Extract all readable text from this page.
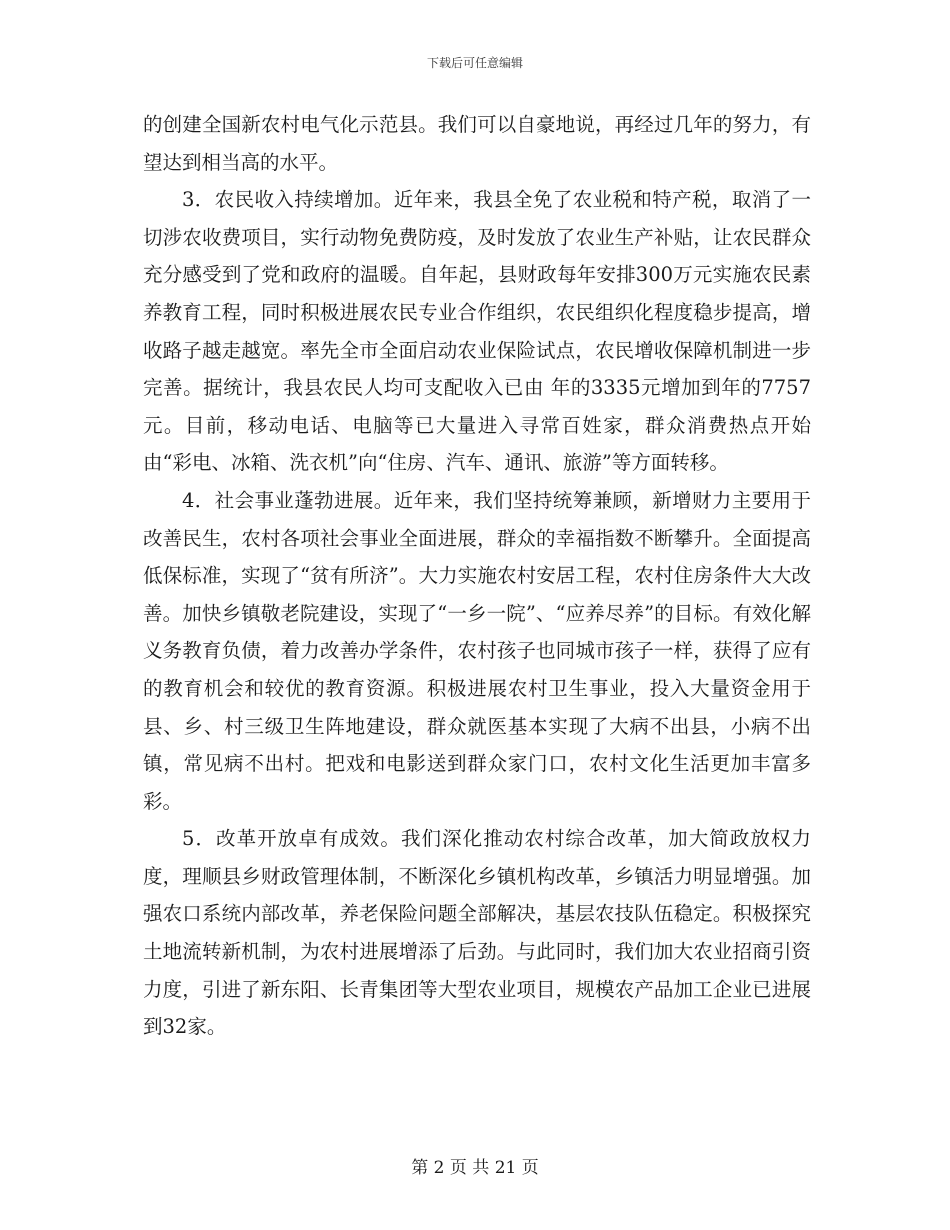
下载后可任意编辑

的创建全国新农村电气化示范县。我们可以自豪地说，再经过几年的努力，有望达到相当高的水平。

3．农民收入持续增加。近年来，我县全免了农业税和特产税，取消了一切涉农收费项目，实行动物免费防疫，及时发放了农业生产补贴，让农民群众充分感受到了党和政府的温暖。自年起，县财政每年安排300万元实施农民素养教育工程，同时积极进展农民专业合作组织，农民组织化程度稳步提高，增收路子越走越宽。率先全市全面启动农业保险试点，农民增收保障机制进一步完善。据统计，我县农民人均可支配收入已由 年的3335元增加到年的7757元。目前，移动电话、电脑等已大量进入寻常百姓家，群众消费热点开始由“彩电、冰箱、洗衣机”向“住房、汽车、通讯、旅游”等方面转移。

4．社会事业蓬勃进展。近年来，我们坚持统筹兼顾，新增财力主要用于改善民生，农村各项社会事业全面进展，群众的幸福指数不断攀升。全面提高低保标准，实现了“贫有所济”。大力实施农村安居工程，农村住房条件大大改善。加快乡镇敬老院建设，实现了“一乡一院”、“应养尽养”的目标。有效化解义务教育负债，着力改善办学条件，农村孩子也同城市孩子一样，获得了应有的教育机会和较优的教育资源。积极进展农村卫生事业，投入大量资金用于县、乡、村三级卫生阵地建设，群众就医基本实现了大病不出县，小病不出镇，常见病不出村。把戏和电影送到群众家门口，农村文化生活更加丰富多彩。

5．改革开放卓有成效。我们深化推动农村综合改革，加大简政放权力度，理顺县乡财政管理体制，不断深化乡镇机构改革，乡镇活力明显增强。加强农口系统内部改革，养老保险问题全部解决，基层农技队伍稳定。积极探究土地流转新机制，为农村进展增添了后劲。与此同时，我们加大农业招商引资力度，引进了新东阳、长青集团等大型农业项目，规模农产品加工企业已进展到32家。

第 2 页 共 21 页
